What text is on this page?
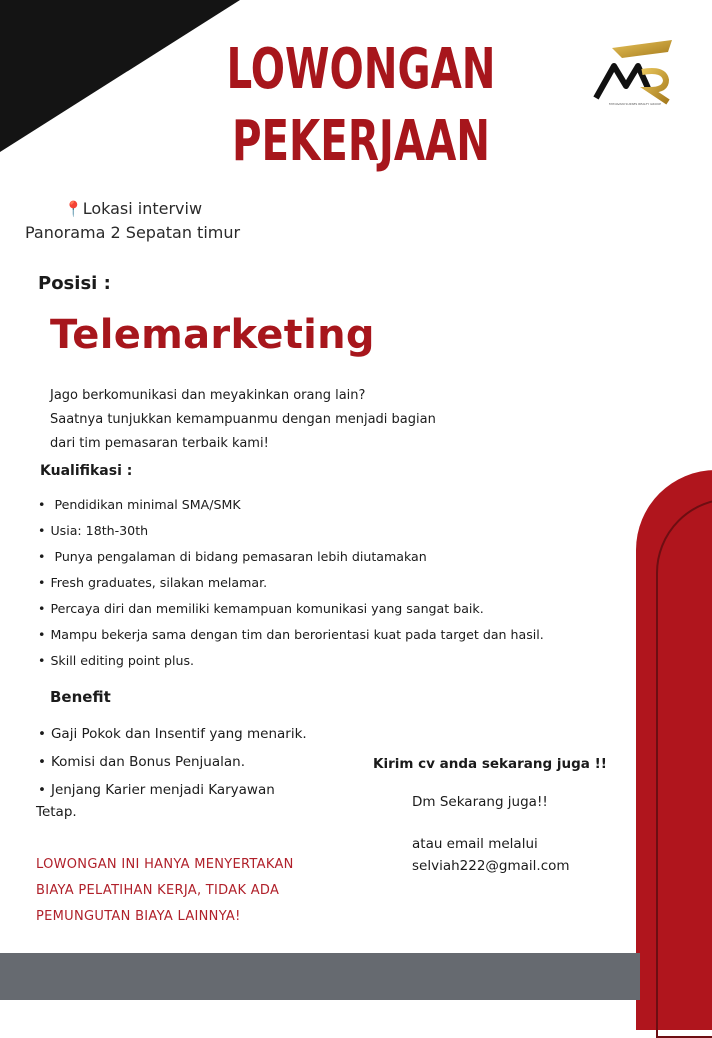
MYDAVANI SUKSES REALTY GROUP
LOWONGAN
PEKERJAAN
📍Lokasi interviw
Panorama 2 Sepatan timur
Posisi :
Telemarketing
Jago berkomunikasi dan meyakinkan orang lain?
Saatnya tunjukkan kemampuanmu dengan menjadi bagian
dari tim pemasaran terbaik kami!
Kualifikasi :
• Pendidikan minimal SMA/SMK
• Usia: 18th-30th
• Punya pengalaman di bidang pemasaran lebih diutamakan
• Fresh graduates, silakan melamar.
• Percaya diri dan memiliki kemampuan komunikasi yang sangat baik.
• Mampu bekerja sama dengan tim dan berorientasi kuat pada target dan hasil.
• Skill editing point plus.
Benefit
• Gaji Pokok dan Insentif yang menarik.
• Komisi dan Bonus Penjualan.
• Jenjang Karier menjadi Karyawan
Tetap.
LOWONGAN INI HANYA MENYERTAKAN
BIAYA PELATIHAN KERJA, TIDAK ADA
PEMUNGUTAN BIAYA LAINNYA!
Kirim cv anda sekarang juga !!
Dm Sekarang juga!!
atau email melalui
selviah222@gmail.com
